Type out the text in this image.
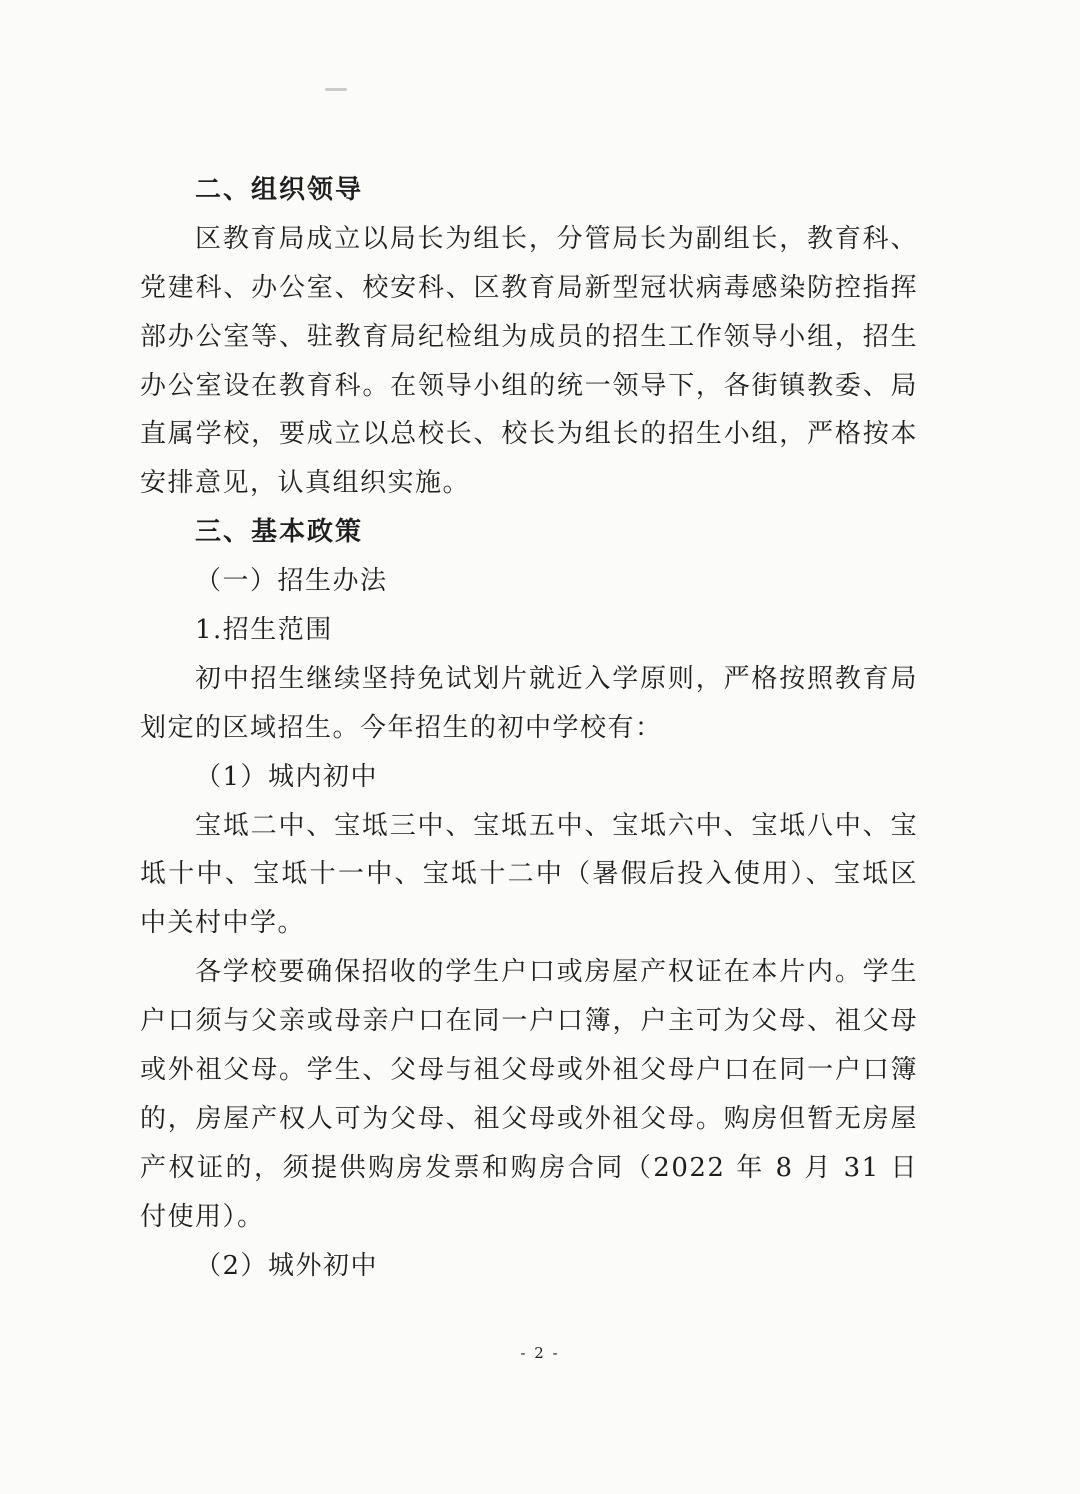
二、组织领导
区教育局成立以局长为组长，分管局长为副组长，教育科、
党建科、办公室、校安科、区教育局新型冠状病毒感染防控指挥
部办公室等、驻教育局纪检组为成员的招生工作领导小组，招生
办公室设在教育科。在领导小组的统一领导下，各街镇教委、局
直属学校，要成立以总校长、校长为组长的招生小组，严格按本
安排意见，认真组织实施。
三、基本政策
（一）招生办法
1.招生范围
初中招生继续坚持免试划片就近入学原则，严格按照教育局
划定的区域招生。今年招生的初中学校有：
（1）城内初中
宝坻二中、宝坻三中、宝坻五中、宝坻六中、宝坻八中、宝
坻十中、宝坻十一中、宝坻十二中（暑假后投入使用）、宝坻区
中关村中学。
各学校要确保招收的学生户口或房屋产权证在本片内。学生
户口须与父亲或母亲户口在同一户口簿，户主可为父母、祖父母
或外祖父母。学生、父母与祖父母或外祖父母户口在同一户口簿
的，房屋产权人可为父母、祖父母或外祖父母。购房但暂无房屋
产权证的，须提供购房发票和购房合同（2022 年 8 月 31 日
付使用）。
（2）城外初中
- 2 -
